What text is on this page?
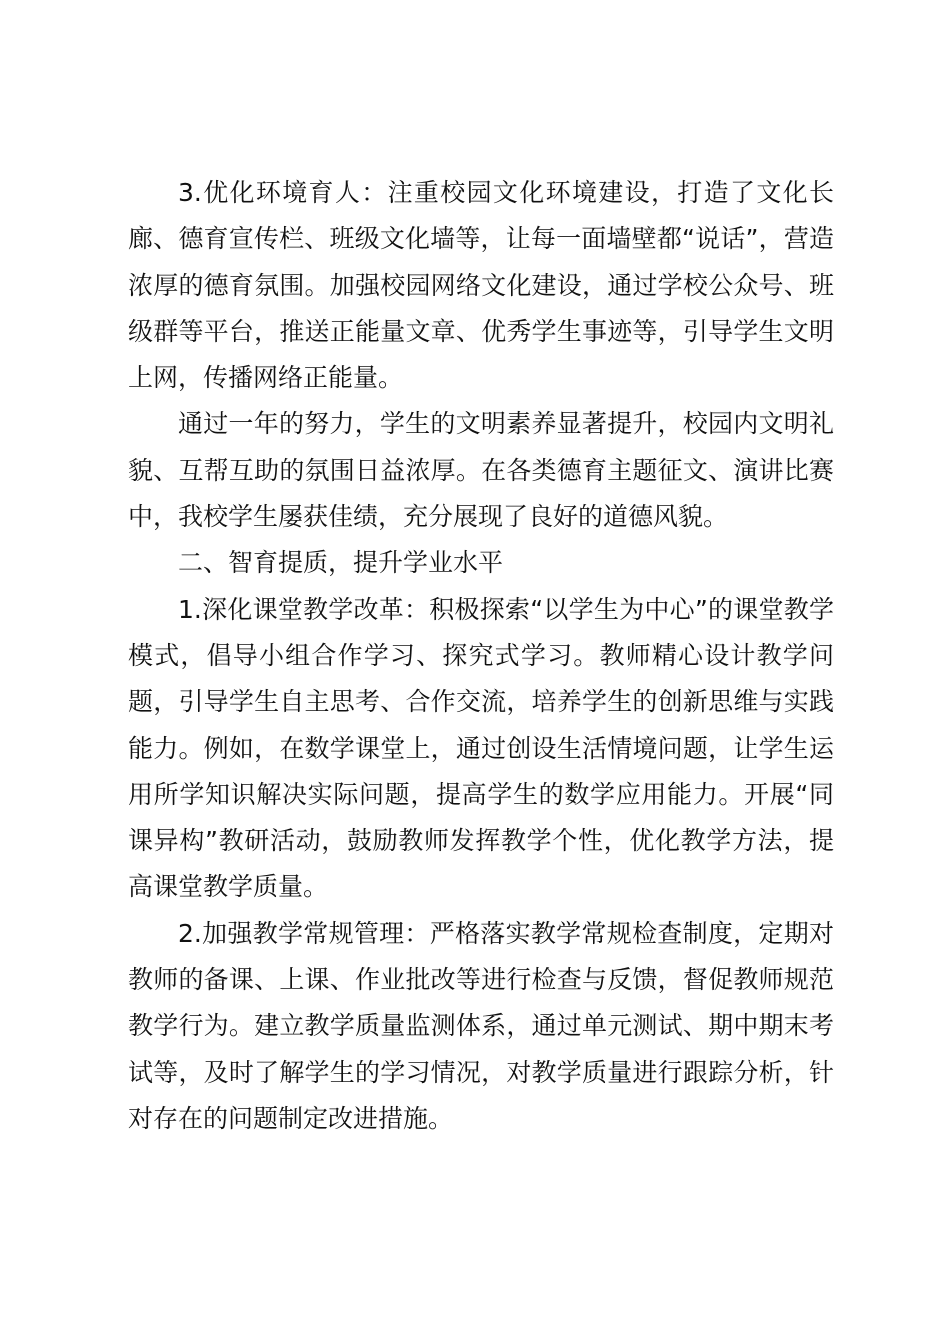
3.优化环境育人：注重校园文化环境建设，打造了文化长廊、德育宣传栏、班级文化墙等，让每一面墙壁都“说话”，营造浓厚的德育氛围。加强校园网络文化建设，通过学校公众号、班级群等平台，推送正能量文章、优秀学生事迹等，引导学生文明上网，传播网络正能量。

通过一年的努力，学生的文明素养显著提升，校园内文明礼貌、互帮互助的氛围日益浓厚。在各类德育主题征文、演讲比赛中，我校学生屡获佳绩，充分展现了良好的道德风貌。

二、智育提质，提升学业水平

1.深化课堂教学改革：积极探索“以学生为中心”的课堂教学模式，倡导小组合作学习、探究式学习。教师精心设计教学问题，引导学生自主思考、合作交流，培养学生的创新思维与实践能力。例如，在数学课堂上，通过创设生活情境问题，让学生运用所学知识解决实际问题，提高学生的数学应用能力。开展“同课异构”教研活动，鼓励教师发挥教学个性，优化教学方法，提高课堂教学质量。

2.加强教学常规管理：严格落实教学常规检查制度，定期对教师的备课、上课、作业批改等进行检查与反馈，督促教师规范教学行为。建立教学质量监测体系，通过单元测试、期中期末考试等，及时了解学生的学习情况，对教学质量进行跟踪分析，针对存在的问题制定改进措施。
